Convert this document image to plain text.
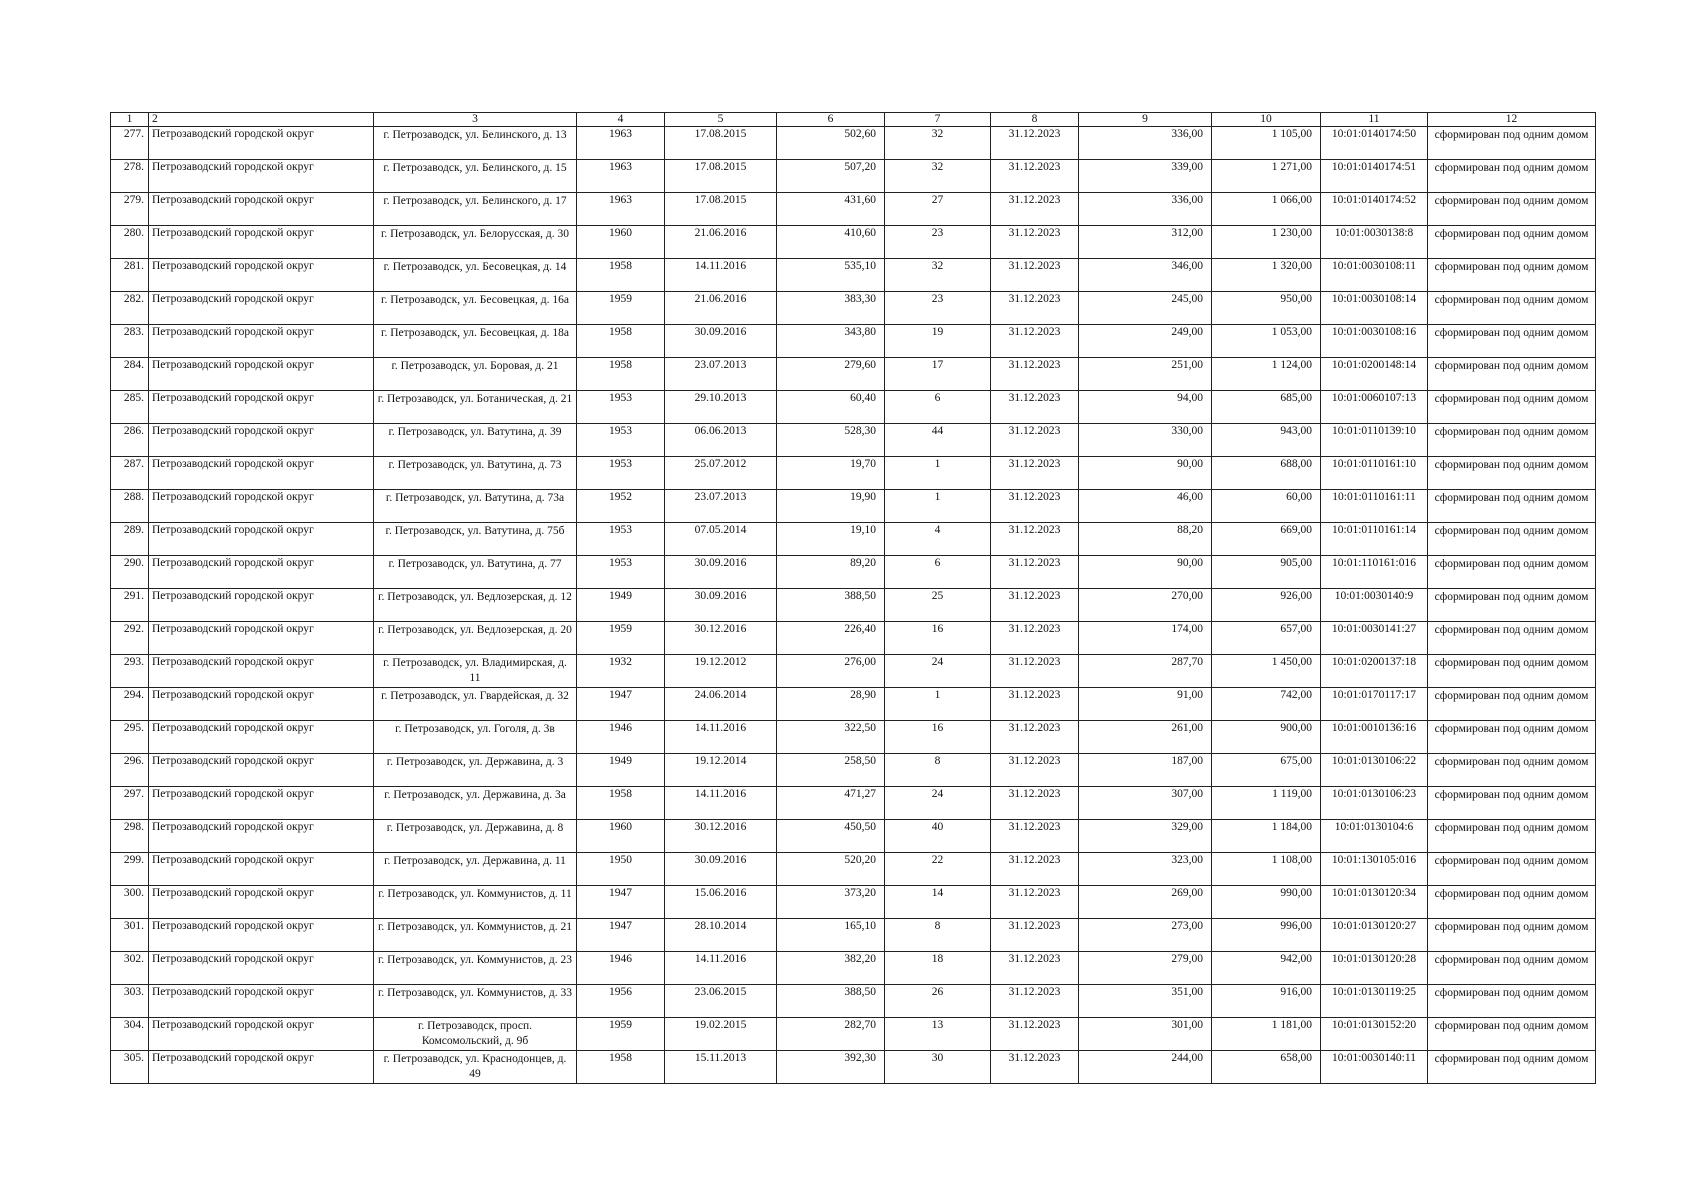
1	2	3	4	5	6	7	8	9	10	11	12
277.	Петрозаводский городской округ	г. Петрозаводск, ул. Белинского, д. 13	1963	17.08.2015	502,60	32	31.12.2023	336,00	1 105,00	10:01:0140174:50	сформирован под одним домом
278.	Петрозаводский городской округ	г. Петрозаводск, ул. Белинского, д. 15	1963	17.08.2015	507,20	32	31.12.2023	339,00	1 271,00	10:01:0140174:51	сформирован под одним домом
279.	Петрозаводский городской округ	г. Петрозаводск, ул. Белинского, д. 17	1963	17.08.2015	431,60	27	31.12.2023	336,00	1 066,00	10:01:0140174:52	сформирован под одним домом
280.	Петрозаводский городской округ	г. Петрозаводск, ул. Белорусская, д. 30	1960	21.06.2016	410,60	23	31.12.2023	312,00	1 230,00	10:01:0030138:8	сформирован под одним домом
281.	Петрозаводский городской округ	г. Петрозаводск, ул. Бесовецкая, д. 14	1958	14.11.2016	535,10	32	31.12.2023	346,00	1 320,00	10:01:0030108:11	сформирован под одним домом
282.	Петрозаводский городской округ	г. Петрозаводск, ул. Бесовецкая, д. 16а	1959	21.06.2016	383,30	23	31.12.2023	245,00	950,00	10:01:0030108:14	сформирован под одним домом
283.	Петрозаводский городской округ	г. Петрозаводск, ул. Бесовецкая, д. 18а	1958	30.09.2016	343,80	19	31.12.2023	249,00	1 053,00	10:01:0030108:16	сформирован под одним домом
284.	Петрозаводский городской округ	г. Петрозаводск, ул. Боровая, д. 21	1958	23.07.2013	279,60	17	31.12.2023	251,00	1 124,00	10:01:0200148:14	сформирован под одним домом
285.	Петрозаводский городской округ	г. Петрозаводск, ул. Ботаническая, д. 21	1953	29.10.2013	60,40	6	31.12.2023	94,00	685,00	10:01:0060107:13	сформирован под одним домом
286.	Петрозаводский городской округ	г. Петрозаводск, ул. Ватутина, д. 39	1953	06.06.2013	528,30	44	31.12.2023	330,00	943,00	10:01:0110139:10	сформирован под одним домом
287.	Петрозаводский городской округ	г. Петрозаводск, ул. Ватутина, д. 73	1953	25.07.2012	19,70	1	31.12.2023	90,00	688,00	10:01:0110161:10	сформирован под одним домом
288.	Петрозаводский городской округ	г. Петрозаводск, ул. Ватутина, д. 73а	1952	23.07.2013	19,90	1	31.12.2023	46,00	60,00	10:01:0110161:11	сформирован под одним домом
289.	Петрозаводский городской округ	г. Петрозаводск, ул. Ватутина, д. 75б	1953	07.05.2014	19,10	4	31.12.2023	88,20	669,00	10:01:0110161:14	сформирован под одним домом
290.	Петрозаводский городской округ	г. Петрозаводск, ул. Ватутина, д. 77	1953	30.09.2016	89,20	6	31.12.2023	90,00	905,00	10:01:110161:016	сформирован под одним домом
291.	Петрозаводский городской округ	г. Петрозаводск, ул. Ведлозерская, д. 12	1949	30.09.2016	388,50	25	31.12.2023	270,00	926,00	10:01:0030140:9	сформирован под одним домом
292.	Петрозаводский городской округ	г. Петрозаводск, ул. Ведлозерская, д. 20	1959	30.12.2016	226,40	16	31.12.2023	174,00	657,00	10:01:0030141:27	сформирован под одним домом
293.	Петрозаводский городской округ	г. Петрозаводск, ул. Владимирская, д. 11	1932	19.12.2012	276,00	24	31.12.2023	287,70	1 450,00	10:01:0200137:18	сформирован под одним домом
294.	Петрозаводский городской округ	г. Петрозаводск, ул. Гвардейская, д. 32	1947	24.06.2014	28,90	1	31.12.2023	91,00	742,00	10:01:0170117:17	сформирован под одним домом
295.	Петрозаводский городской округ	г. Петрозаводск, ул. Гоголя, д. 3в	1946	14.11.2016	322,50	16	31.12.2023	261,00	900,00	10:01:0010136:16	сформирован под одним домом
296.	Петрозаводский городской округ	г. Петрозаводск, ул. Державина, д. 3	1949	19.12.2014	258,50	8	31.12.2023	187,00	675,00	10:01:0130106:22	сформирован под одним домом
297.	Петрозаводский городской округ	г. Петрозаводск, ул. Державина, д. 3а	1958	14.11.2016	471,27	24	31.12.2023	307,00	1 119,00	10:01:0130106:23	сформирован под одним домом
298.	Петрозаводский городской округ	г. Петрозаводск, ул. Державина, д. 8	1960	30.12.2016	450,50	40	31.12.2023	329,00	1 184,00	10:01:0130104:6	сформирован под одним домом
299.	Петрозаводский городской округ	г. Петрозаводск, ул. Державина, д. 11	1950	30.09.2016	520,20	22	31.12.2023	323,00	1 108,00	10:01:130105:016	сформирован под одним домом
300.	Петрозаводский городской округ	г. Петрозаводск, ул. Коммунистов, д. 11	1947	15.06.2016	373,20	14	31.12.2023	269,00	990,00	10:01:0130120:34	сформирован под одним домом
301.	Петрозаводский городской округ	г. Петрозаводск, ул. Коммунистов, д. 21	1947	28.10.2014	165,10	8	31.12.2023	273,00	996,00	10:01:0130120:27	сформирован под одним домом
302.	Петрозаводский городской округ	г. Петрозаводск, ул. Коммунистов, д. 23	1946	14.11.2016	382,20	18	31.12.2023	279,00	942,00	10:01:0130120:28	сформирован под одним домом
303.	Петрозаводский городской округ	г. Петрозаводск, ул. Коммунистов, д. 33	1956	23.06.2015	388,50	26	31.12.2023	351,00	916,00	10:01:0130119:25	сформирован под одним домом
304.	Петрозаводский городской округ	г. Петрозаводск, просп. Комсомольский, д. 9б	1959	19.02.2015	282,70	13	31.12.2023	301,00	1 181,00	10:01:0130152:20	сформирован под одним домом
305.	Петрозаводский городской округ	г. Петрозаводск, ул. Краснодонцев, д. 49	1958	15.11.2013	392,30	30	31.12.2023	244,00	658,00	10:01:0030140:11	сформирован под одним домом
